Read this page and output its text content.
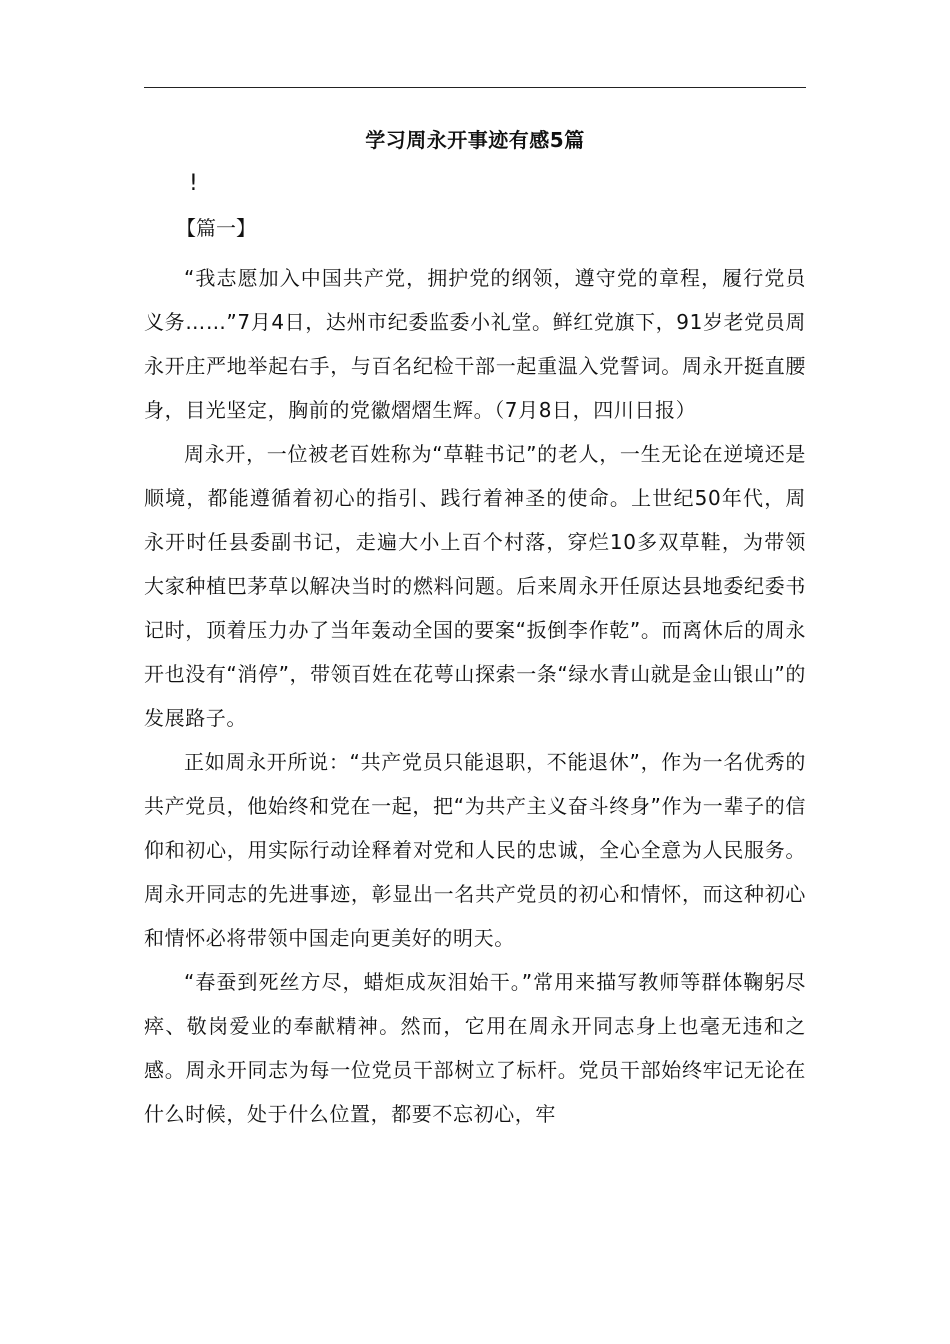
学习周永开事迹有感5篇
!
【篇一】

“我志愿加入中国共产党，拥护党的纲领，遵守党的章程，履行党员义务……”7月4日，达州市纪委监委小礼堂。鲜红党旗下，91岁老党员周永开庄严地举起右手，与百名纪检干部一起重温入党誓词。周永开挺直腰身，目光坚定，胸前的党徽熠熠生辉。（7月8日，四川日报）

周永开，一位被老百姓称为“草鞋书记”的老人，一生无论在逆境还是顺境，都能遵循着初心的指引、践行着神圣的使命。上世纪50年代，周永开时任县委副书记，走遍大小上百个村落，穿烂10多双草鞋，为带领大家种植巴茅草以解决当时的燃料问题。后来周永开任原达县地委纪委书记时，顶着压力办了当年轰动全国的要案“扳倒李作乾”。而离休后的周永开也没有“消停”，带领百姓在花萼山探索一条“绿水青山就是金山银山”的发展路子。

正如周永开所说：“共产党员只能退职，不能退休”，作为一名优秀的共产党员，他始终和党在一起，把“为共产主义奋斗终身”作为一辈子的信仰和初心，用实际行动诠释着对党和人民的忠诚，全心全意为人民服务。周永开同志的先进事迹，彰显出一名共产党员的初心和情怀，而这种初心和情怀必将带领中国走向更美好的明天。

“春蚕到死丝方尽，蜡炬成灰泪始干。”常用来描写教师等群体鞠躬尽瘁、敬岗爱业的奉献精神。然而，它用在周永开同志身上也毫无违和之感。周永开同志为每一位党员干部树立了标杆。党员干部始终牢记无论在什么时候，处于什么位置，都要不忘初心，牢
